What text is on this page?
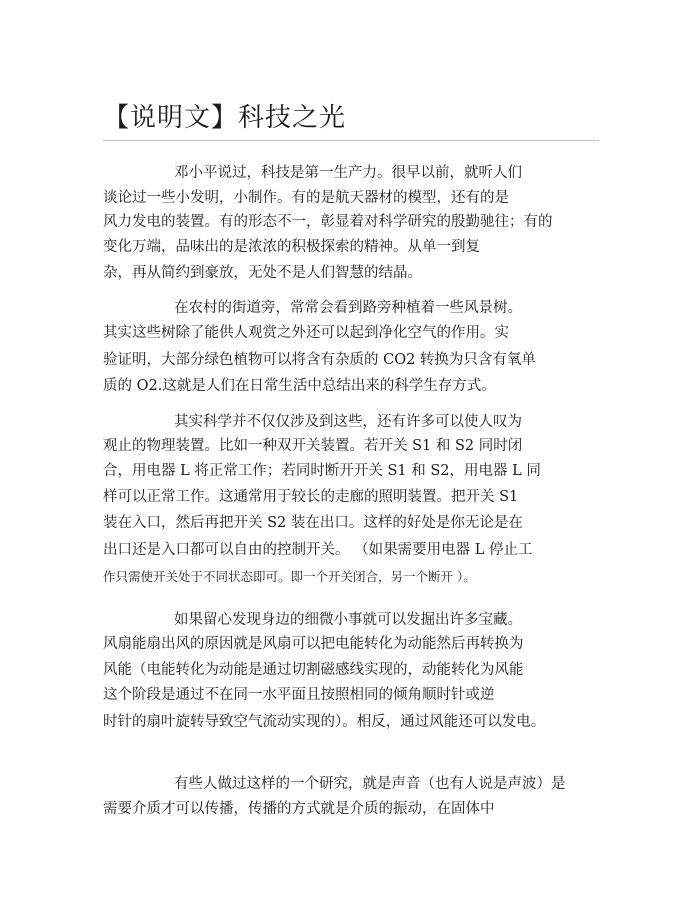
【说明文】科技之光
邓小平说过，科技是第一生产力。很早以前，就听人们
谈论过一些小发明，小制作。有的是航天器材的模型，还有的是
风力发电的装置。有的形态不一，彰显着对科学研究的殷勤驰往；有的
变化万端，品味出的是浓浓的积极探索的精神。从单一到复
杂，再从简约到豪放，无处不是人们智慧的结晶。
在农村的街道旁，常常会看到路旁种植着一些风景树。
其实这些树除了能供人观赏之外还可以起到净化空气的作用。实
验证明，大部分绿色植物可以将含有杂质的 CO2 转换为只含有氧单
质的 O2.这就是人们在日常生活中总结出来的科学生存方式。
其实科学并不仅仅涉及到这些，还有许多可以使人叹为
观止的物理装置。比如一种双开关装置。若开关 S1 和 S2 同时闭
合，用电器 L 将正常工作；若同时断开开关 S1 和 S2，用电器 L 同
样可以正常工作。这通常用于较长的走廊的照明装置。把开关 S1
装在入口，然后再把开关 S2 装在出口。这样的好处是你无论是在
出口还是入口都可以自由的控制开关。 （如果需要用电器 L 停止工
作只需使开关处于不同状态即可。即一个开关闭合，另一个断开 ）。
如果留心发现身边的细微小事就可以发掘出许多宝藏。
风扇能扇出风的原因就是风扇可以把电能转化为动能然后再转换为
风能（电能转化为动能是通过切割磁感线实现的，动能转化为风能
这个阶段是通过不在同一水平面且按照相同的倾角顺时针或逆
时针的扇叶旋转导致空气流动实现的）。相反，通过风能还可以发电。
有些人做过这样的一个研究，就是声音（也有人说是声波）是
需要介质才可以传播，传播的方式就是介质的振动，在固体中
